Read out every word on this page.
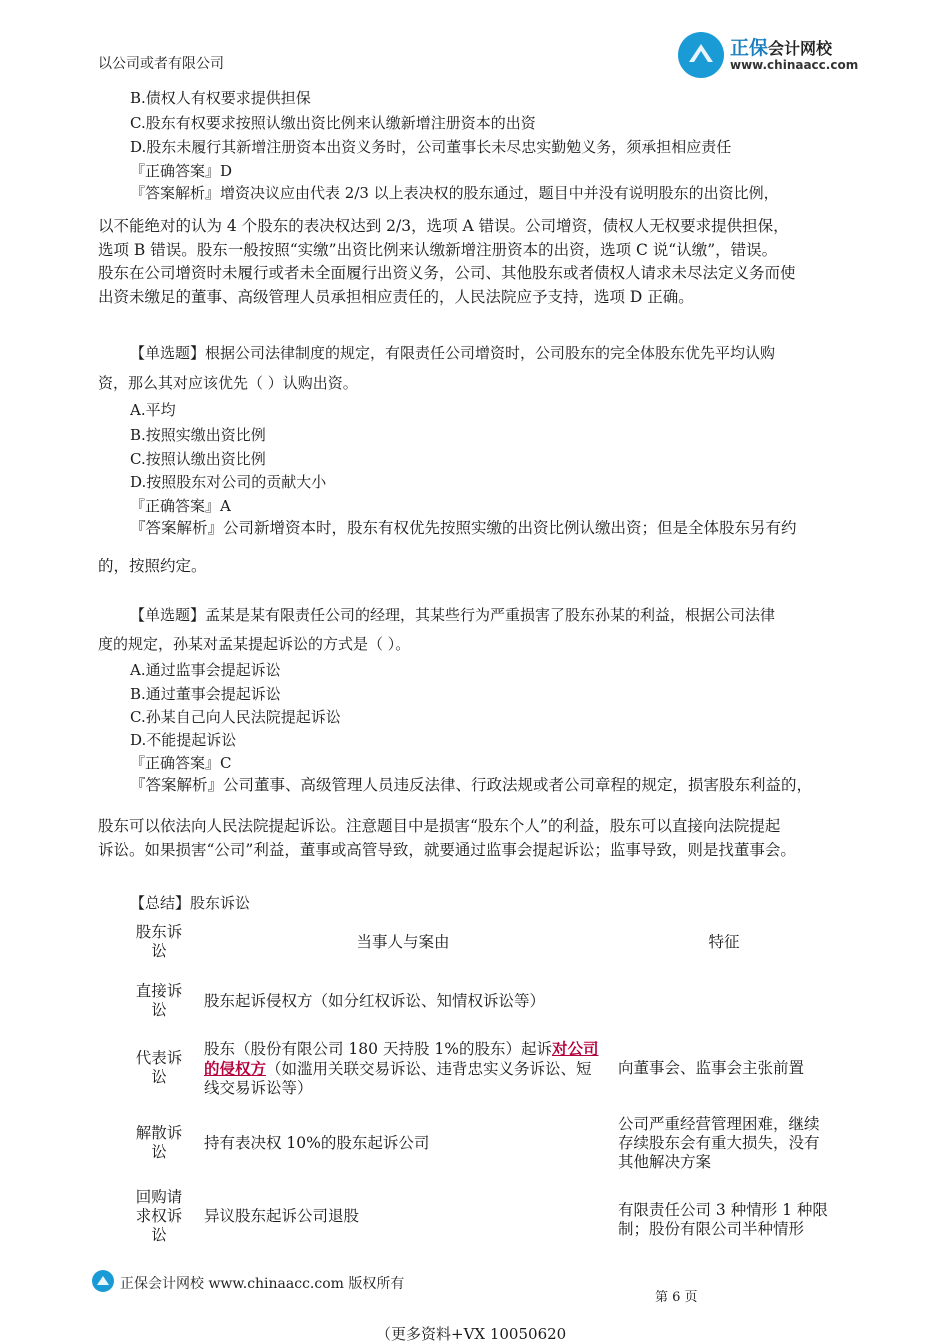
正保会计网校
www.chinaacc.com
以公司或者有限公司
B.债权人有权要求提供担保
C.股东有权要求按照认缴出资比例来认缴新增注册资本的出资
D.股东未履行其新增注册资本出资义务时，公司董事长未尽忠实勤勉义务，须承担相应责任
『正确答案』D
『答案解析』增资决议应由代表 2/3 以上表决权的股东通过，题目中并没有说明股东的出资比例，
以不能绝对的认为 4 个股东的表决权达到 2/3，选项 A 错误。公司增资，债权人无权要求提供担保，
选项 B 错误。股东一般按照“实缴”出资比例来认缴新增注册资本的出资，选项 C 说“认缴”，错误。
股东在公司增资时未履行或者未全面履行出资义务，公司、其他股东或者债权人请求未尽法定义务而使
出资未缴足的董事、高级管理人员承担相应责任的，人民法院应予支持，选项 D 正确。
【单选题】根据公司法律制度的规定，有限责任公司增资时，公司股东的完全体股东优先平均认购
资，那么其对应该优先（ ）认购出资。
A.平均
B.按照实缴出资比例
C.按照认缴出资比例
D.按照股东对公司的贡献大小
『正确答案』A
『答案解析』公司新增资本时，股东有权优先按照实缴的出资比例认缴出资；但是全体股东另有约
的，按照约定。
【单选题】孟某是某有限责任公司的经理，其某些行为严重损害了股东孙某的利益，根据公司法律
度的规定，孙某对孟某提起诉讼的方式是（ ）。
A.通过监事会提起诉讼
B.通过董事会提起诉讼
C.孙某自己向人民法院提起诉讼
D.不能提起诉讼
『正确答案』C
『答案解析』公司董事、高级管理人员违反法律、行政法规或者公司章程的规定，损害股东利益的，
股东可以依法向人民法院提起诉讼。注意题目中是损害“股东个人”的利益，股东可以直接向法院提起
诉讼。如果损害“公司”利益，董事或高管导致，就要通过监事会提起诉讼；监事导致，则是找董事会。
【总结】股东诉讼
股东诉讼	当事人与案由	特征

直接诉讼	股东起诉侵权方（如分红权诉讼、知情权诉讼等）	

代表诉讼	股东（股份有限公司 180 天持股 1%的股东）起诉对公司的侵权方（如滥用关联交易诉讼、违背忠实义务诉讼、短线交易诉讼等）	向董事会、监事会主张前置

解散诉讼	持有表决权 10%的股东起诉公司	公司严重经营管理困难，继续存续股东会有重大损失，没有其他解决方案

回购请求权诉讼	异议股东起诉公司退股	有限责任公司 3 种情形 1 种限制；股份有限公司半种情形
正保会计网校 www.chinaacc.com 版权所有
第 6 页
（更多资料+VX 10050620
